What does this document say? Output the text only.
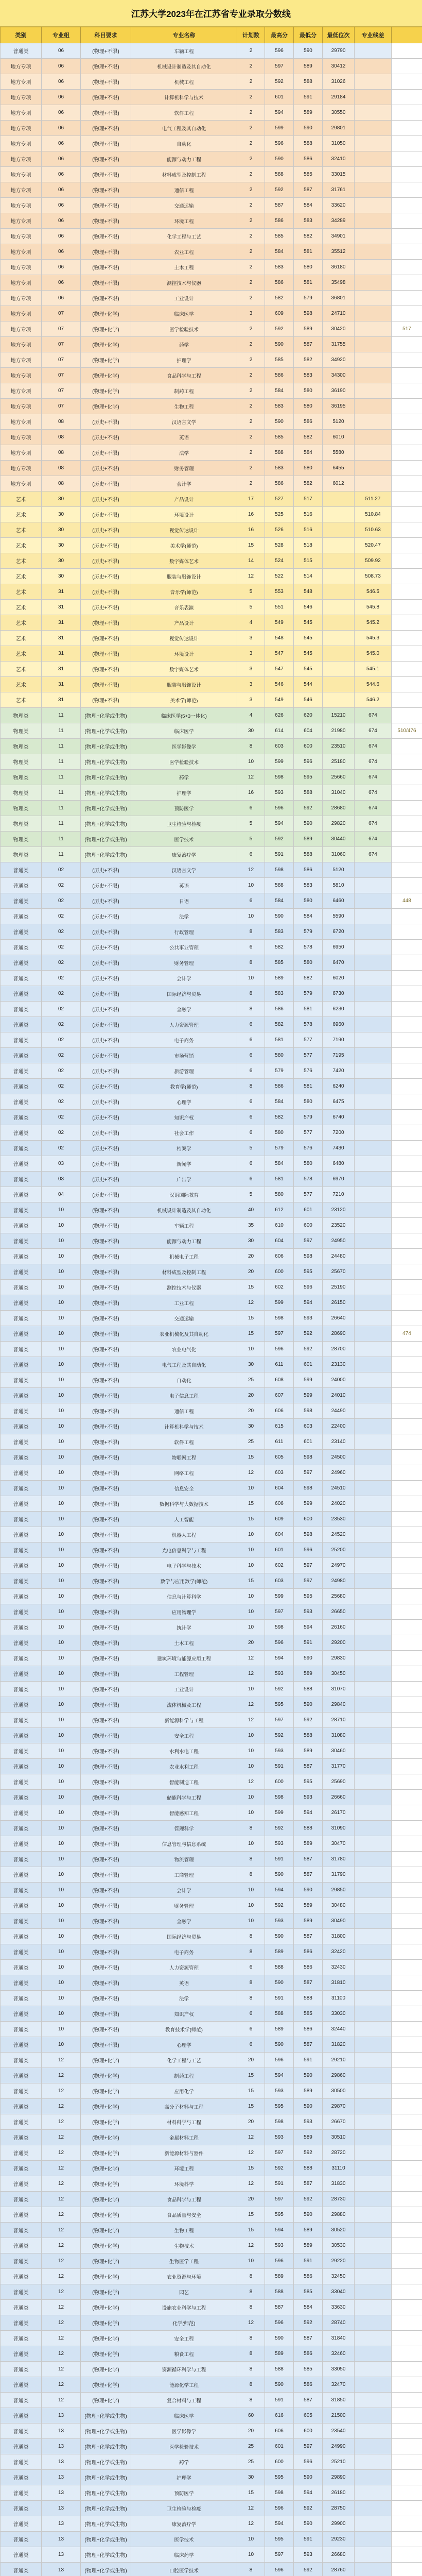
江苏大学2023年在江苏省专业录取分数线
类别	专业组	科目要求	专业名称	计划数	最高分	最低分	最低位次	专业线差	
普通类	06	(物理+不限)	车辆工程	2	596	590	29790		
地方专项	06	(物理+不限)	机械设计制造及其自动化	2	597	589	30412		
地方专项	06	(物理+不限)	机械工程	2	592	588	31026		
地方专项	06	(物理+不限)	计算机科学与技术	2	601	591	29184		
地方专项	06	(物理+不限)	软件工程	2	594	589	30550		
地方专项	06	(物理+不限)	电气工程及其自动化	2	599	590	29801		
地方专项	06	(物理+不限)	自动化	2	596	588	31050		
地方专项	06	(物理+不限)	能源与动力工程	2	590	586	32410		
地方专项	06	(物理+不限)	材料成型及控制工程	2	588	585	33015		
地方专项	06	(物理+不限)	通信工程	2	592	587	31761		
地方专项	06	(物理+不限)	交通运输	2	587	584	33620		
地方专项	06	(物理+不限)	环境工程	2	586	583	34289		
地方专项	06	(物理+不限)	化学工程与工艺	2	585	582	34901		
地方专项	06	(物理+不限)	农业工程	2	584	581	35512		
地方专项	06	(物理+不限)	土木工程	2	583	580	36180		
地方专项	06	(物理+不限)	测控技术与仪器	2	586	581	35498		
地方专项	06	(物理+不限)	工业设计	2	582	579	36801		
地方专项	07	(物理+化学)	临床医学	3	609	598	24710		
地方专项	07	(物理+化学)	医学检验技术	2	592	589	30420		517
地方专项	07	(物理+化学)	药学	2	590	587	31755		
地方专项	07	(物理+化学)	护理学	2	585	582	34920		
地方专项	07	(物理+化学)	食品科学与工程	2	586	583	34300		
地方专项	07	(物理+化学)	制药工程	2	584	580	36190		
地方专项	07	(物理+化学)	生物工程	2	583	580	36195		
地方专项	08	(历史+不限)	汉语言文学	2	590	586	5120		
地方专项	08	(历史+不限)	英语	2	585	582	6010		
地方专项	08	(历史+不限)	法学	2	588	584	5580		
地方专项	08	(历史+不限)	财务管理	2	583	580	6455		
地方专项	08	(历史+不限)	会计学	2	586	582	6012		
艺术	30	(历史+不限)	产品设计	17	527	517		511.27	
艺术	30	(历史+不限)	环境设计	16	525	516		510.84	
艺术	30	(历史+不限)	视觉传达设计	16	526	516		510.63	
艺术	30	(历史+不限)	美术学(师范)	15	528	518		520.47	
艺术	30	(历史+不限)	数字媒体艺术	14	524	515		509.92	
艺术	30	(历史+不限)	服装与服饰设计	12	522	514		508.73	
艺术	31	(历史+不限)	音乐学(师范)	5	553	548		546.5	
艺术	31	(历史+不限)	音乐表演	5	551	546		545.8	
艺术	31	(物理+不限)	产品设计	4	549	545		545.2	
艺术	31	(物理+不限)	视觉传达设计	3	548	545		545.3	
艺术	31	(物理+不限)	环境设计	3	547	545		545.0	
艺术	31	(物理+不限)	数字媒体艺术	3	547	545		545.1	
艺术	31	(物理+不限)	服装与服饰设计	3	546	544		544.6	
艺术	31	(物理+不限)	美术学(师范)	3	549	546		546.2	
物理类	11	(物理+化学或生物)	临床医学(5+3一体化)	4	626	620	15210	674	
物理类	11	(物理+化学或生物)	临床医学	30	614	604	21980	674	510/476
物理类	11	(物理+化学或生物)	医学影像学	8	603	600	23510	674	
物理类	11	(物理+化学或生物)	医学检验技术	10	599	596	25180	674	
物理类	11	(物理+化学或生物)	药学	12	598	595	25660	674	
物理类	11	(物理+化学或生物)	护理学	16	593	588	31040	674	
物理类	11	(物理+化学或生物)	预防医学	6	596	592	28680	674	
物理类	11	(物理+化学或生物)	卫生检验与检疫	5	594	590	29820	674	
物理类	11	(物理+化学或生物)	医学技术	5	592	589	30440	674	
物理类	11	(物理+化学或生物)	康复治疗学	6	591	588	31060	674	
普通类	02	(历史+不限)	汉语言文学	12	598	586	5120		
普通类	02	(历史+不限)	英语	10	588	583	5810		
普通类	02	(历史+不限)	日语	6	584	580	6460		448
普通类	02	(历史+不限)	法学	10	590	584	5590		
普通类	02	(历史+不限)	行政管理	8	583	579	6720		
普通类	02	(历史+不限)	公共事业管理	6	582	578	6950		
普通类	02	(历史+不限)	财务管理	8	585	580	6470		
普通类	02	(历史+不限)	会计学	10	589	582	6020		
普通类	02	(历史+不限)	国际经济与贸易	8	583	579	6730		
普通类	02	(历史+不限)	金融学	8	586	581	6230		
普通类	02	(历史+不限)	人力资源管理	6	582	578	6960		
普通类	02	(历史+不限)	电子商务	6	581	577	7190		
普通类	02	(历史+不限)	市场营销	6	580	577	7195		
普通类	02	(历史+不限)	旅游管理	6	579	576	7420		
普通类	02	(历史+不限)	教育学(师范)	8	586	581	6240		
普通类	02	(历史+不限)	心理学	6	584	580	6475		
普通类	02	(历史+不限)	知识产权	6	582	579	6740		
普通类	02	(历史+不限)	社会工作	6	580	577	7200		
普通类	02	(历史+不限)	档案学	5	579	576	7430		
普通类	03	(历史+不限)	新闻学	6	584	580	6480		
普通类	03	(历史+不限)	广告学	6	581	578	6970		
普通类	04	(历史+不限)	汉语国际教育	5	580	577	7210		
普通类	10	(物理+不限)	机械设计制造及其自动化	40	612	601	23120		
普通类	10	(物理+不限)	车辆工程	35	610	600	23520		
普通类	10	(物理+不限)	能源与动力工程	30	604	597	24950		
普通类	10	(物理+不限)	机械电子工程	20	606	598	24480		
普通类	10	(物理+不限)	材料成型及控制工程	20	600	595	25670		
普通类	10	(物理+不限)	测控技术与仪器	15	602	596	25190		
普通类	10	(物理+不限)	工业工程	12	599	594	26150		
普通类	10	(物理+不限)	交通运输	15	598	593	26640		
普通类	10	(物理+不限)	农业机械化及其自动化	15	597	592	28690		474
普通类	10	(物理+不限)	农业电气化	10	596	592	28700		
普通类	10	(物理+不限)	电气工程及其自动化	30	611	601	23130		
普通类	10	(物理+不限)	自动化	25	608	599	24000		
普通类	10	(物理+不限)	电子信息工程	20	607	599	24010		
普通类	10	(物理+不限)	通信工程	20	606	598	24490		
普通类	10	(物理+不限)	计算机科学与技术	30	615	603	22400		
普通类	10	(物理+不限)	软件工程	25	611	601	23140		
普通类	10	(物理+不限)	物联网工程	15	605	598	24500		
普通类	10	(物理+不限)	网络工程	12	603	597	24960		
普通类	10	(物理+不限)	信息安全	10	604	598	24510		
普通类	10	(物理+不限)	数据科学与大数据技术	15	606	599	24020		
普通类	10	(物理+不限)	人工智能	15	609	600	23530		
普通类	10	(物理+不限)	机器人工程	10	604	598	24520		
普通类	10	(物理+不限)	光电信息科学与工程	10	601	596	25200		
普通类	10	(物理+不限)	电子科学与技术	10	602	597	24970		
普通类	10	(物理+不限)	数学与应用数学(师范)	15	603	597	24980		
普通类	10	(物理+不限)	信息与计算科学	10	599	595	25680		
普通类	10	(物理+不限)	应用物理学	10	597	593	26650		
普通类	10	(物理+不限)	统计学	10	598	594	26160		
普通类	10	(物理+不限)	土木工程	20	596	591	29200		
普通类	10	(物理+不限)	建筑环境与能源应用工程	12	594	590	29830		
普通类	10	(物理+不限)	工程管理	12	593	589	30450		
普通类	10	(物理+不限)	工业设计	10	592	588	31070		
普通类	10	(物理+不限)	流体机械及工程	12	595	590	29840		
普通类	10	(物理+不限)	新能源科学与工程	12	597	592	28710		
普通类	10	(物理+不限)	安全工程	10	592	588	31080		
普通类	10	(物理+不限)	水利水电工程	10	593	589	30460		
普通类	10	(物理+不限)	农业水利工程	10	591	587	31770		
普通类	10	(物理+不限)	智能制造工程	12	600	595	25690		
普通类	10	(物理+不限)	储能科学与工程	10	598	593	26660		
普通类	10	(物理+不限)	智能感知工程	10	599	594	26170		
普通类	10	(物理+不限)	管理科学	8	592	588	31090		
普通类	10	(物理+不限)	信息管理与信息系统	10	593	589	30470		
普通类	10	(物理+不限)	物流管理	8	591	587	31780		
普通类	10	(物理+不限)	工商管理	8	590	587	31790		
普通类	10	(物理+不限)	会计学	10	594	590	29850		
普通类	10	(物理+不限)	财务管理	10	592	589	30480		
普通类	10	(物理+不限)	金融学	10	593	589	30490		
普通类	10	(物理+不限)	国际经济与贸易	8	590	587	31800		
普通类	10	(物理+不限)	电子商务	8	589	586	32420		
普通类	10	(物理+不限)	人力资源管理	6	588	586	32430		
普通类	10	(物理+不限)	英语	8	590	587	31810		
普通类	10	(物理+不限)	法学	8	591	588	31100		
普通类	10	(物理+不限)	知识产权	6	588	585	33030		
普通类	10	(物理+不限)	教育技术学(师范)	6	589	586	32440		
普通类	10	(物理+不限)	心理学	6	590	587	31820		
普通类	12	(物理+化学)	化学工程与工艺	20	596	591	29210		
普通类	12	(物理+化学)	制药工程	15	594	590	29860		
普通类	12	(物理+化学)	应用化学	15	593	589	30500		
普通类	12	(物理+化学)	高分子材料与工程	15	595	590	29870		
普通类	12	(物理+化学)	材料科学与工程	20	598	593	26670		
普通类	12	(物理+化学)	金属材料工程	12	593	589	30510		
普通类	12	(物理+化学)	新能源材料与器件	12	597	592	28720		
普通类	12	(物理+化学)	环境工程	15	592	588	31110		
普通类	12	(物理+化学)	环境科学	12	591	587	31830		
普通类	12	(物理+化学)	食品科学与工程	20	597	592	28730		
普通类	12	(物理+化学)	食品质量与安全	15	595	590	29880		
普通类	12	(物理+化学)	生物工程	15	594	589	30520		
普通类	12	(物理+化学)	生物技术	12	593	589	30530		
普通类	12	(物理+化学)	生物医学工程	10	596	591	29220		
普通类	12	(物理+化学)	农业资源与环境	8	589	586	32450		
普通类	12	(物理+化学)	园艺	8	588	585	33040		
普通类	12	(物理+化学)	设施农业科学与工程	8	587	584	33630		
普通类	12	(物理+化学)	化学(师范)	12	596	592	28740		
普通类	12	(物理+化学)	安全工程	8	590	587	31840		
普通类	12	(物理+化学)	粮食工程	8	589	586	32460		
普通类	12	(物理+化学)	资源循环科学与工程	8	588	585	33050		
普通类	12	(物理+化学)	能源化学工程	8	590	586	32470		
普通类	12	(物理+化学)	复合材料与工程	8	591	587	31850		
普通类	13	(物理+化学或生物)	临床医学	60	616	605	21500		
普通类	13	(物理+化学或生物)	医学影像学	20	606	600	23540		
普通类	13	(物理+化学或生物)	医学检验技术	25	601	597	24990		
普通类	13	(物理+化学或生物)	药学	25	600	596	25210		
普通类	13	(物理+化学或生物)	护理学	30	595	590	29890		
普通类	13	(物理+化学或生物)	预防医学	15	598	594	26180		
普通类	13	(物理+化学或生物)	卫生检验与检疫	12	596	592	28750		
普通类	13	(物理+化学或生物)	康复治疗学	12	594	590	29900		
普通类	13	(物理+化学或生物)	医学技术	10	595	591	29230		
普通类	13	(物理+化学或生物)	临床药学	10	597	593	26680		
普通类	13	(物理+化学或生物)	口腔医学技术	8	596	592	28760		
